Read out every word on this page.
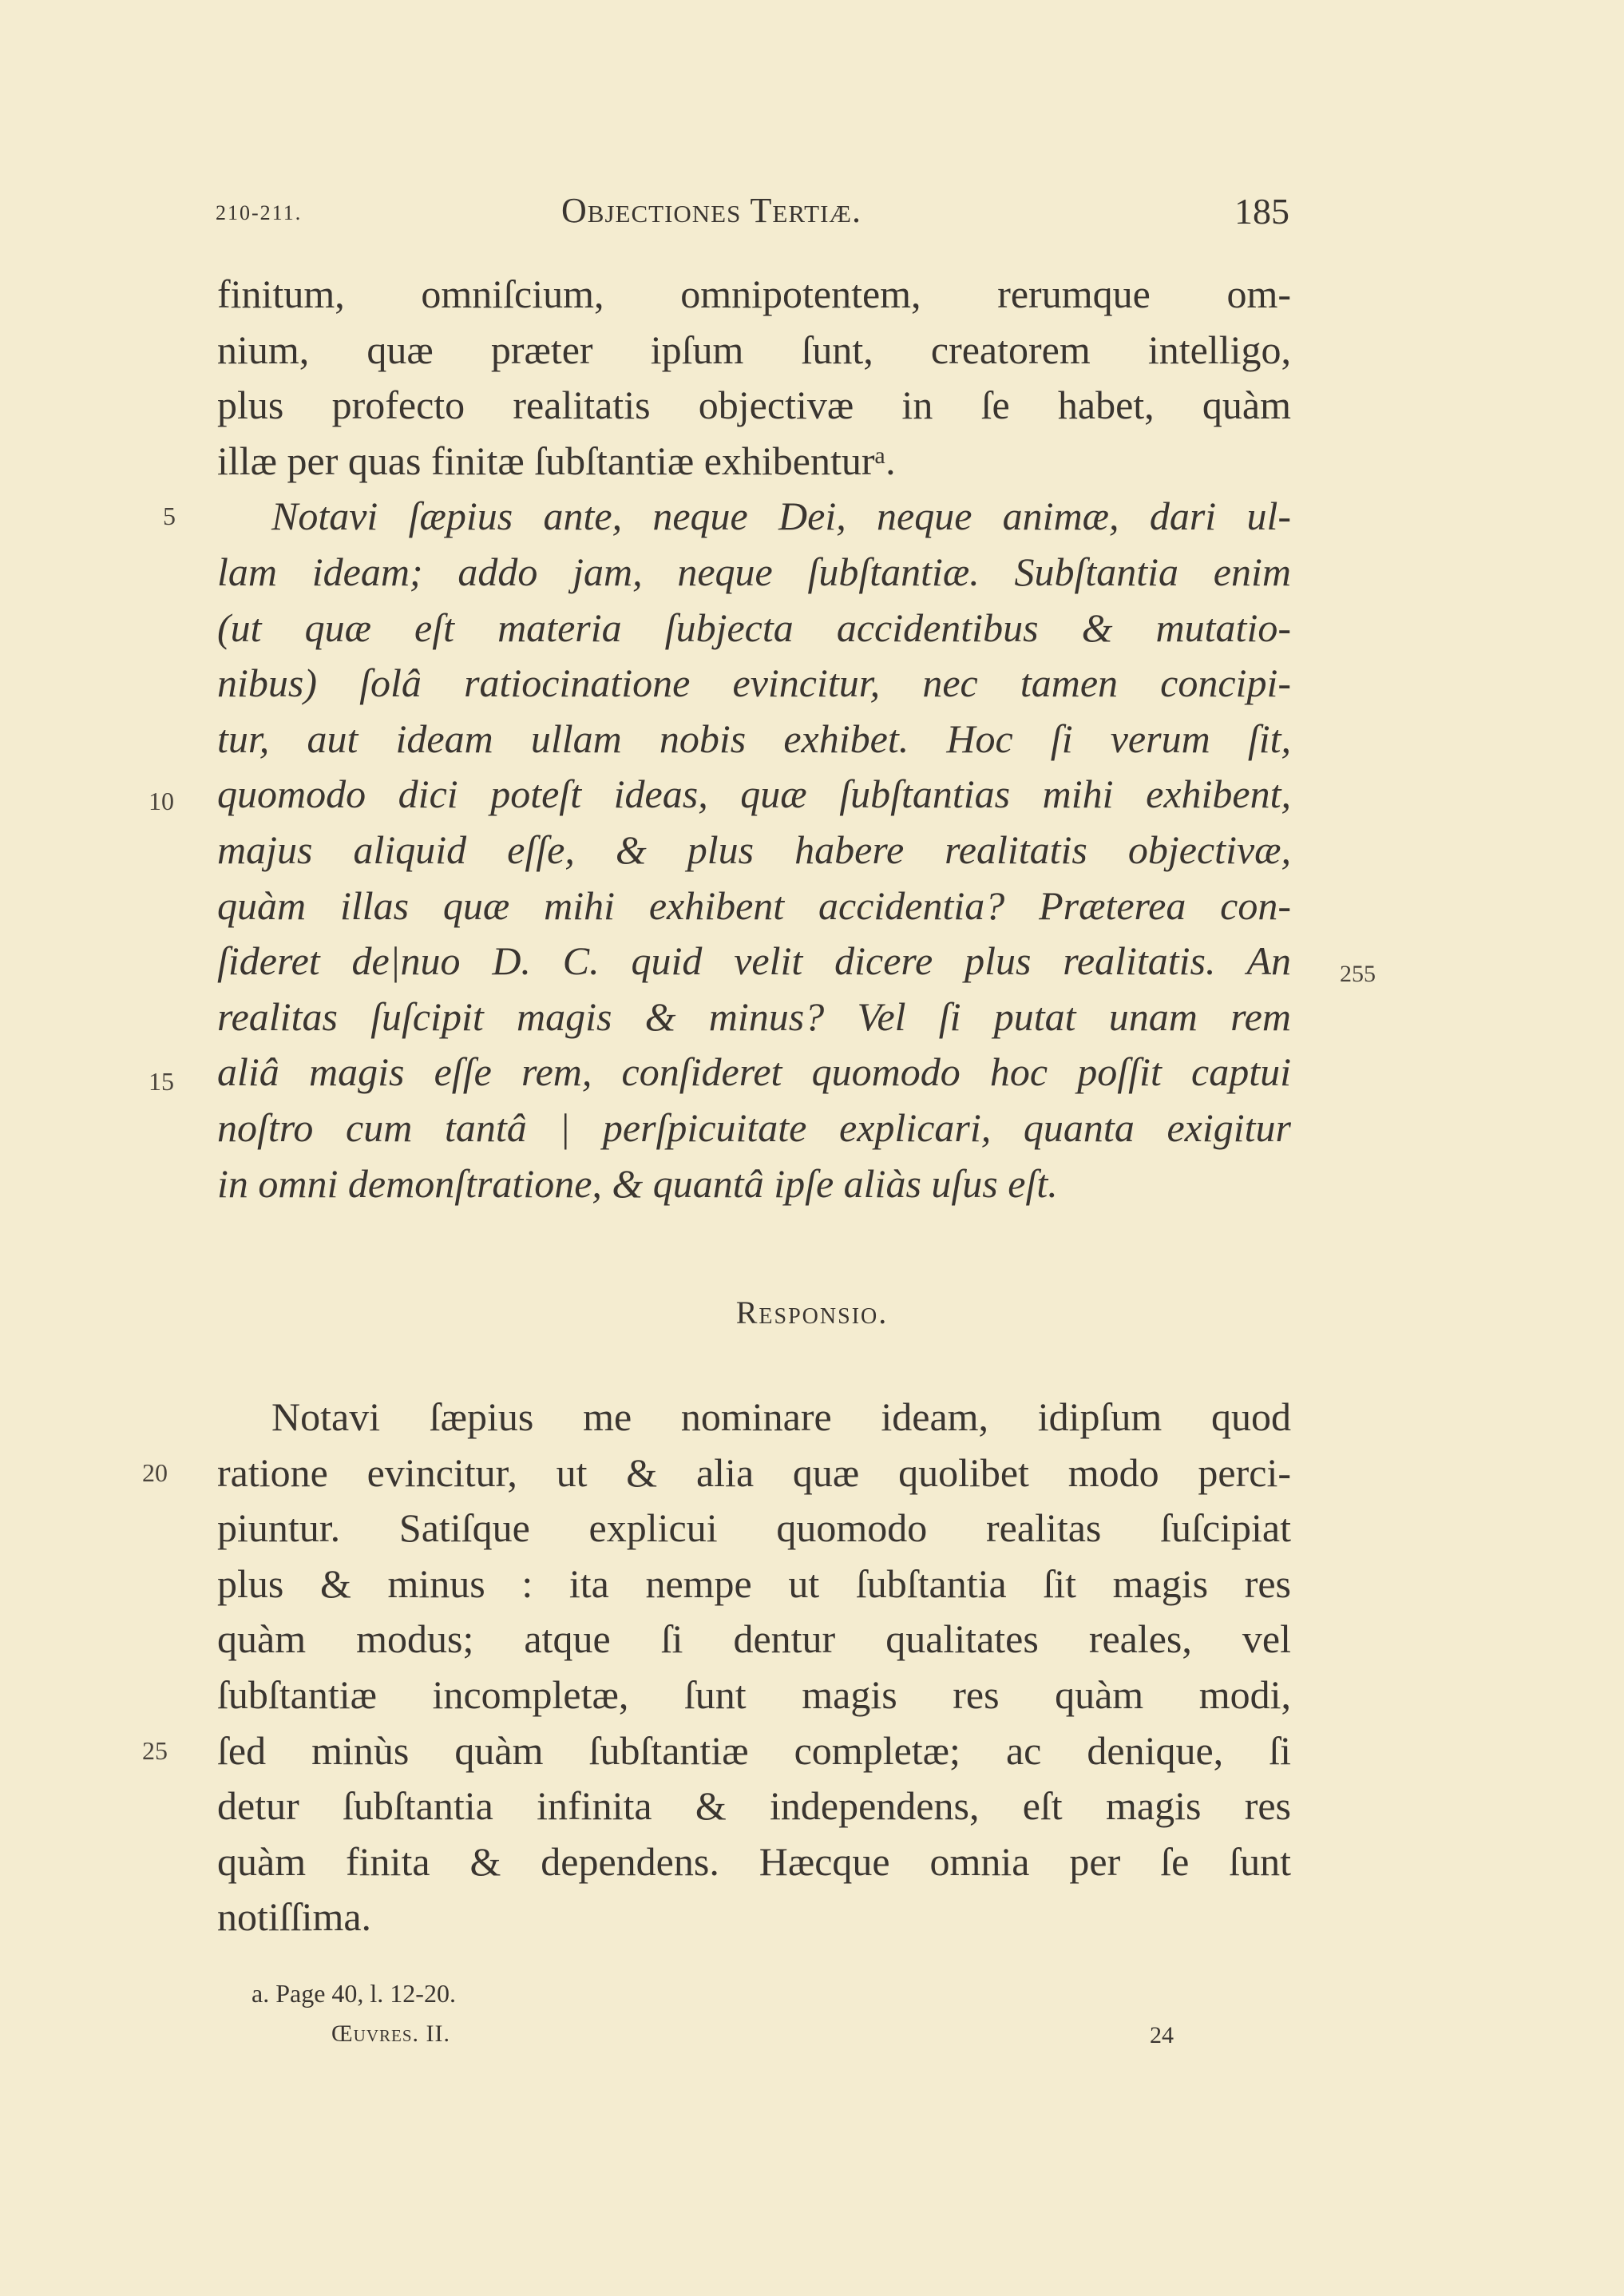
210-211.	Objectiones Tertiæ.	185
finitum, omniſcium, omnipotentem, rerumque om-
nium, quæ præter ipſum ſunt, creatorem intelligo,
plus profecto realitatis objectivæ in ſe habet, quàm
illæ per quas finitæ ſubſtantiæ exhibenturᵃ.
Notavi ſæpius ante, neque Dei, neque animæ, dari ul-
lam ideam; addo jam, neque ſubſtantiæ. Subſtantia enim
(ut quæ eſt materia ſubjecta accidentibus & mutatio-
nibus) ſolâ ratiocinatione evincitur, nec tamen concipi-
tur, aut ideam ullam nobis exhibet. Hoc ſi verum ſit,
quomodo dici poteſt ideas, quæ ſubſtantias mihi exhibent,
majus aliquid eſſe, & plus habere realitatis objectivæ,
quàm illas quæ mihi exhibent accidentia? Præterea con-
ſideret de|nuo D. C. quid velit dicere plus realitatis. An
realitas ſuſcipit magis & minus? Vel ſi putat unam rem
aliâ magis eſſe rem, conſideret quomodo hoc poſſit captui
noſtro cum tantâ | perſpicuitate explicari, quanta exigitur
in omni demonſtratione, & quantâ ipſe aliàs uſus eſt.
5
10
15
255
Responsio.
Notavi ſæpius me nominare ideam, idipſum quod
ratione evincitur, ut & alia quæ quolibet modo perci-
piuntur. Satiſque explicui quomodo realitas ſuſcipiat
plus & minus : ita nempe ut ſubſtantia ſit magis res
quàm modus; atque ſi dentur qualitates reales, vel
ſubſtantiæ incompletæ, ſunt magis res quàm modi,
ſed minùs quàm ſubſtantiæ completæ; ac denique, ſi
detur ſubſtantia infinita & independens, eſt magis res
quàm finita & dependens. Hæcque omnia per ſe ſunt
notiſſima.
20
25
a. Page 40, l. 12-20.
Œuvres. II.	24
